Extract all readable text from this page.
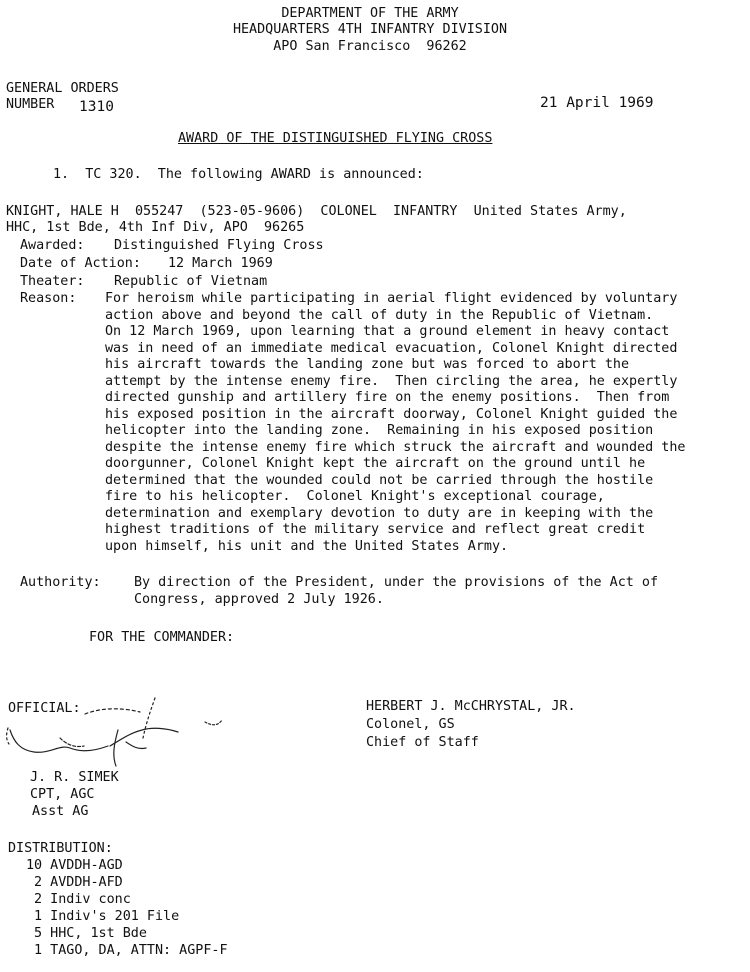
DEPARTMENT OF THE ARMY
HEADQUARTERS 4TH INFANTRY DIVISION
APO San Francisco  96262
GENERAL ORDERS
NUMBER 1310	21 April 1969
AWARD OF THE DISTINGUISHED FLYING CROSS
1.  TC 320.  The following AWARD is announced:
KNIGHT, HALE H  055247  (523-05-9606)  COLONEL  INFANTRY  United States Army,
HHC, 1st Bde, 4th Inf Div, APO  96265
Awarded: Distinguished Flying Cross
Date of Action: 12 March 1969
Theater: Republic of Vietnam
Reason: For heroism while participating in aerial flight evidenced by voluntary
action above and beyond the call of duty in the Republic of Vietnam.
On 12 March 1969, upon learning that a ground element in heavy contact
was in need of an immediate medical evacuation, Colonel Knight directed
his aircraft towards the landing zone but was forced to abort the
attempt by the intense enemy fire.  Then circling the area, he expertly
directed gunship and artillery fire on the enemy positions.  Then from
his exposed position in the aircraft doorway, Colonel Knight guided the
helicopter into the landing zone.  Remaining in his exposed position
despite the intense enemy fire which struck the aircraft and wounded the
doorgunner, Colonel Knight kept the aircraft on the ground until he
determined that the wounded could not be carried through the hostile
fire to his helicopter.  Colonel Knight's exceptional courage,
determination and exemplary devotion to duty are in keeping with the
highest traditions of the military service and reflect great credit
upon himself, his unit and the United States Army.
Authority: By direction of the President, under the provisions of the Act of
Congress, approved 2 July 1926.
FOR THE COMMANDER:
HERBERT J. McCHRYSTAL, JR.
Colonel, GS
Chief of Staff
OFFICIAL:
J. R. SIMEK
CPT, AGC
Asst AG
DISTRIBUTION:
10 AVDDH-AGD
2 AVDDH-AFD
2 Indiv conc
1 Indiv's 201 File
5 HHC, 1st Bde
1 TAGO, DA, ATTN: AGPF-F
